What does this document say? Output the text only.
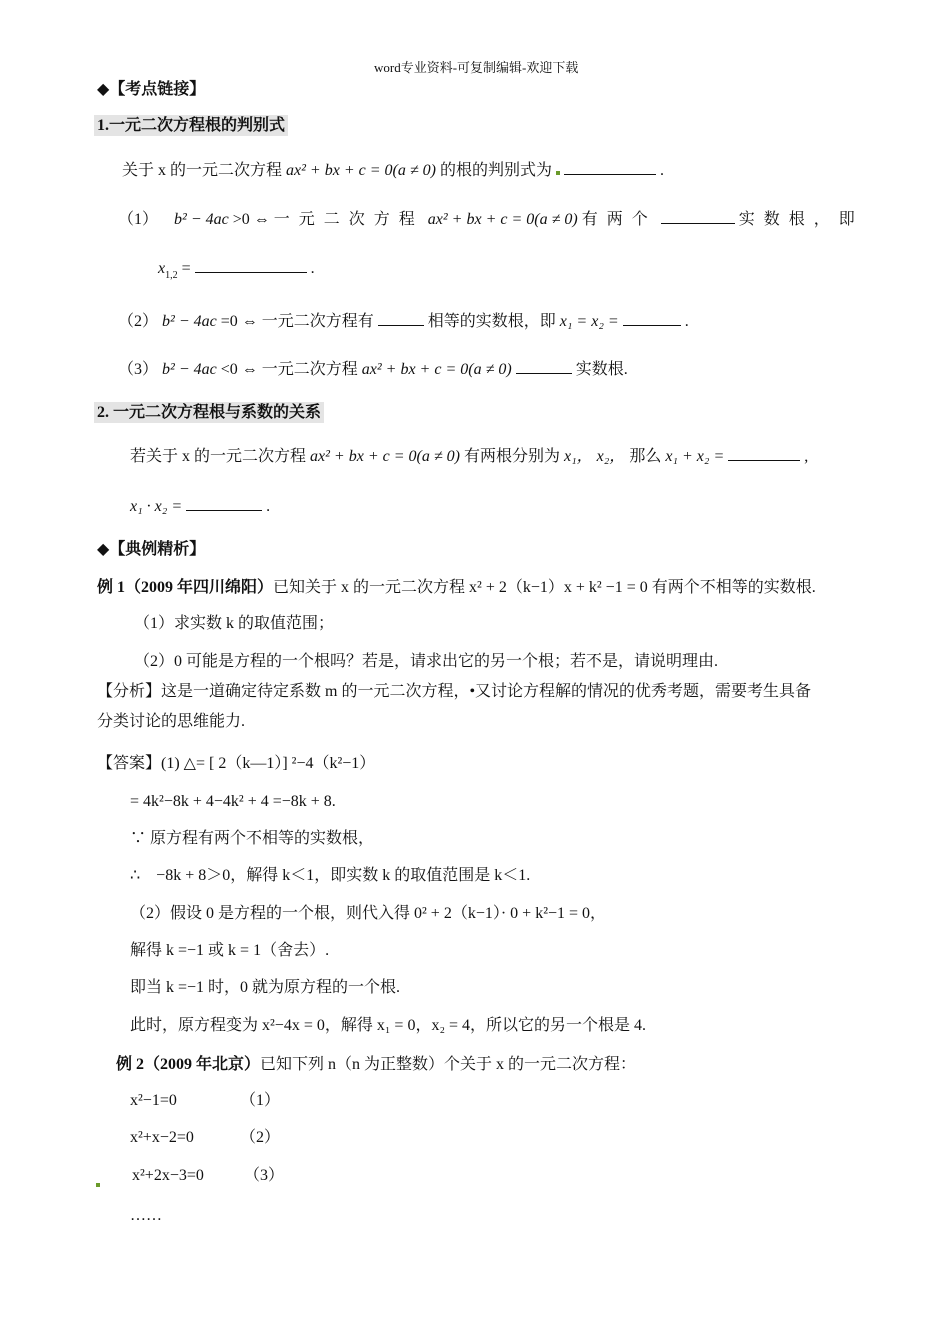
word专业资料-可复制编辑-欢迎下载
◆【考点链接】
1.一元二次方程根的判别式
关于 x 的一元二次方程 ax² + bx + c = 0(a ≠ 0) 的根的判别式为	.
（1） b² − 4ac >0 ⇔ 一元二次方程 ax² + bx + c = 0(a ≠ 0) 有两个	实数根，即
$x_{1,2}$ =	.
（2） b² − 4ac =0 ⇔ 一元二次方程有	相等的实数根，即 x₁ = x₂ =	.
（3） b² − 4ac <0 ⇔ 一元二次方程 ax² + bx + c = 0(a ≠ 0)	实数根.
2. 一元二次方程根与系数的关系
若关于 x 的一元二次方程 ax² + bx + c = 0(a ≠ 0) 有两根分别为 x₁， x₂， 那么 x₁ + x₂ =	,
x₁ · x₂ =	.
◆【典例精析】
例 1（2009 年四川绵阳）已知关于 x 的一元二次方程 x² + 2（k−1）x + k² −1 = 0 有两个不相等的实数根.
（1）求实数 k 的取值范围；
（2）0 可能是方程的一个根吗？若是，请求出它的另一个根；若不是，请说明理由.
【分析】这是一道确定待定系数 m 的一元二次方程，•又讨论方程解的情况的优秀考题，需要考生具备
分类讨论的思维能力.
【答案】(1) △= [ 2（k—1）] ²−4（k²−1）
= 4k²−8k + 4−4k² + 4 =−8k + 8.
∵ 原方程有两个不相等的实数根，
∴　−8k + 8＞0，解得 k＜1，即实数 k 的取值范围是 k＜1.
（2）假设 0 是方程的一个根，则代入得 0² + 2（k−1）· 0 + k²−1 = 0，
解得 k =−1 或 k = 1（舍去）.
即当 k =−1 时，0 就为原方程的一个根.
此时，原方程变为 x²−4x = 0，解得 x₁ = 0，x₂ = 4，所以它的另一个根是 4.
例 2（2009 年北京）已知下列 n（n 为正整数）个关于 x 的一元二次方程：
x²−1=0	（1）
x²+x−2=0	（2）
x²+2x−3=0	（3）
……
